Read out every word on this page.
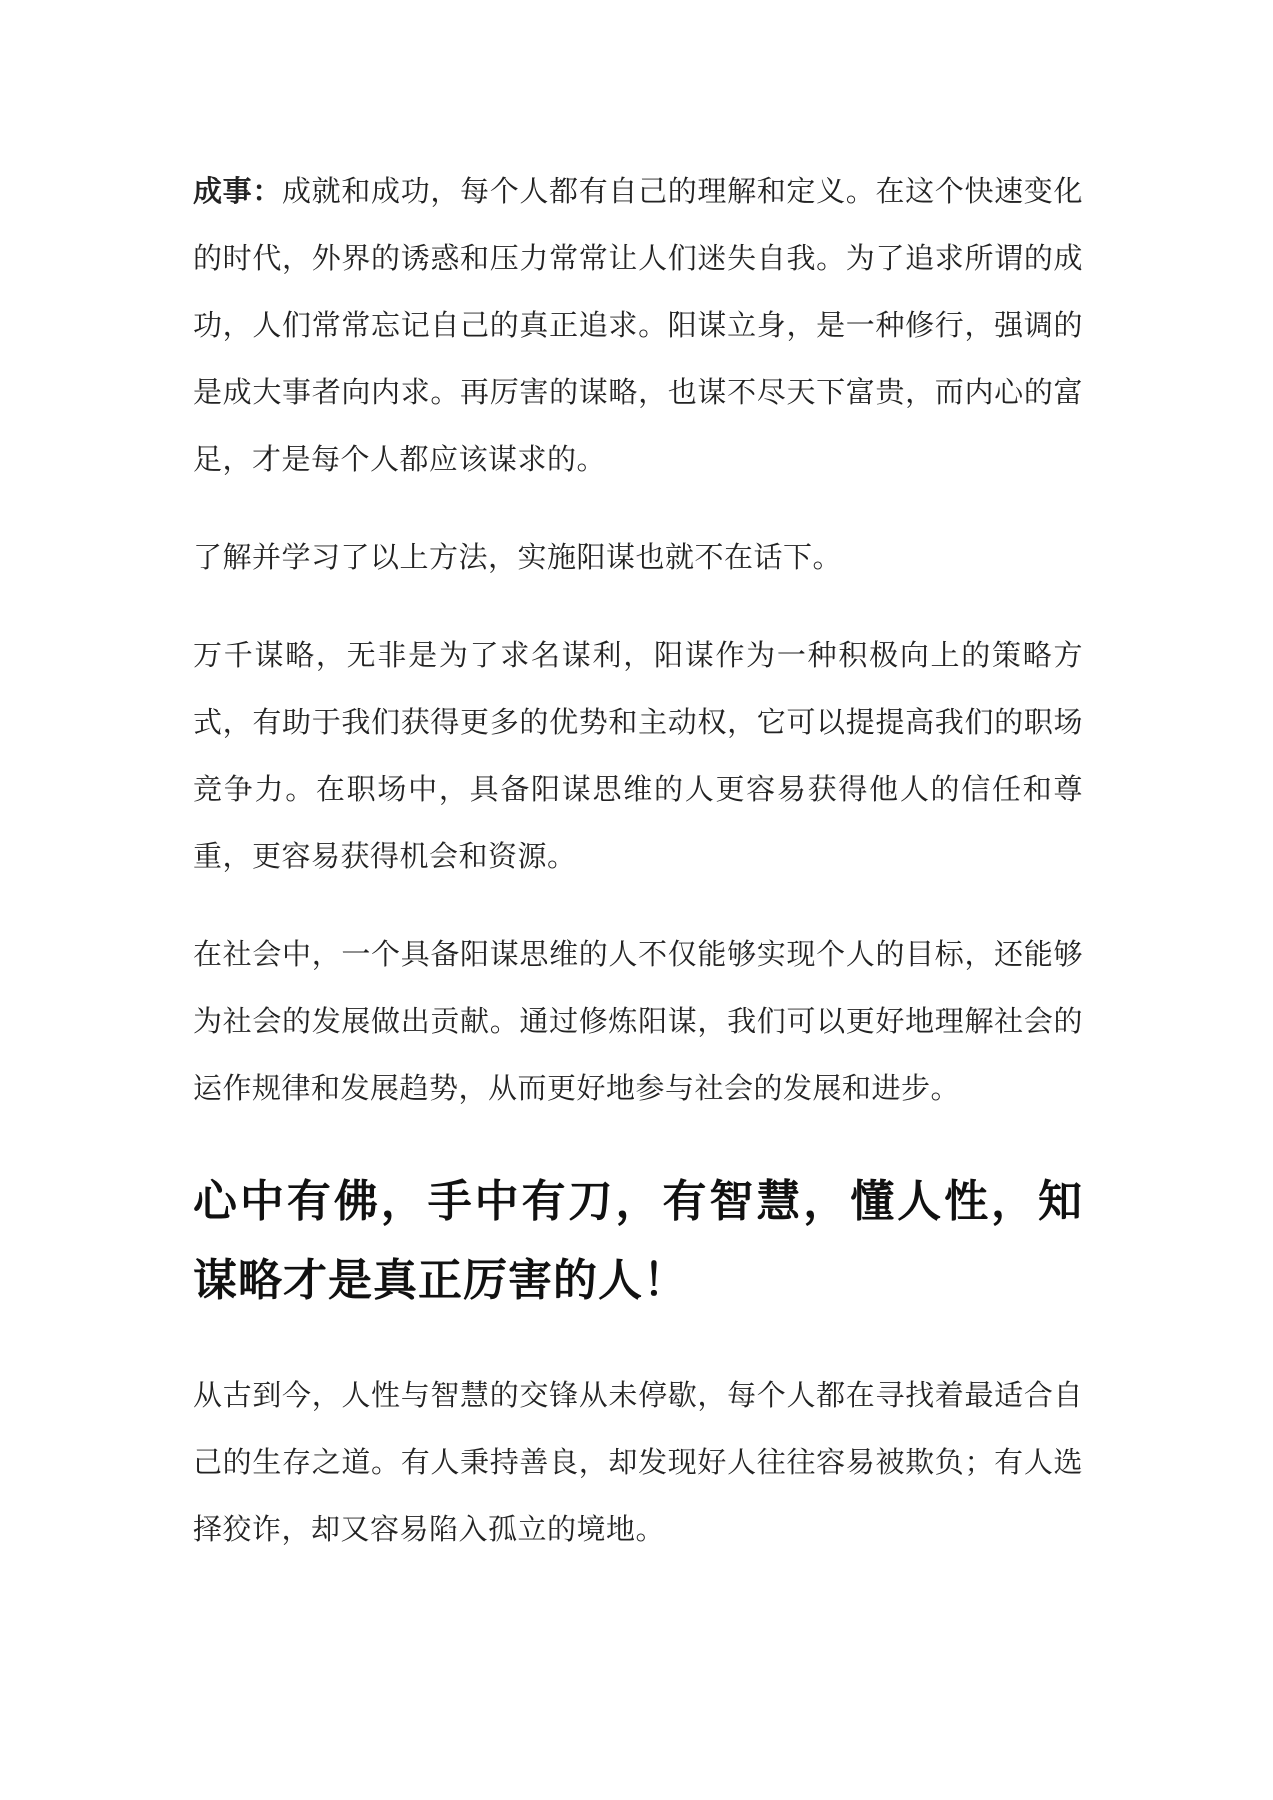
成事：成就和成功，每个人都有自己的理解和定义。在这个快速变化的时代，外界的诱惑和压力常常让人们迷失自我。为了追求所谓的成功，人们常常忘记自己的真正追求。阳谋立身，是一种修行，强调的是成大事者向内求。再厉害的谋略，也谋不尽天下富贵，而内心的富足，才是每个人都应该谋求的。

了解并学习了以上方法，实施阳谋也就不在话下。

万千谋略，无非是为了求名谋利，阳谋作为一种积极向上的策略方式，有助于我们获得更多的优势和主动权，它可以提提高我们的职场竞争力。在职场中，具备阳谋思维的人更容易获得他人的信任和尊重，更容易获得机会和资源。

在社会中，一个具备阳谋思维的人不仅能够实现个人的目标，还能够为社会的发展做出贡献。通过修炼阳谋，我们可以更好地理解社会的运作规律和发展趋势，从而更好地参与社会的发展和进步。

心中有佛，手中有刀，有智慧，懂人性，知谋略才是真正厉害的人！

从古到今，人性与智慧的交锋从未停歇，每个人都在寻找着最适合自己的生存之道。有人秉持善良，却发现好人往往容易被欺负；有人选择狡诈，却又容易陷入孤立的境地。
